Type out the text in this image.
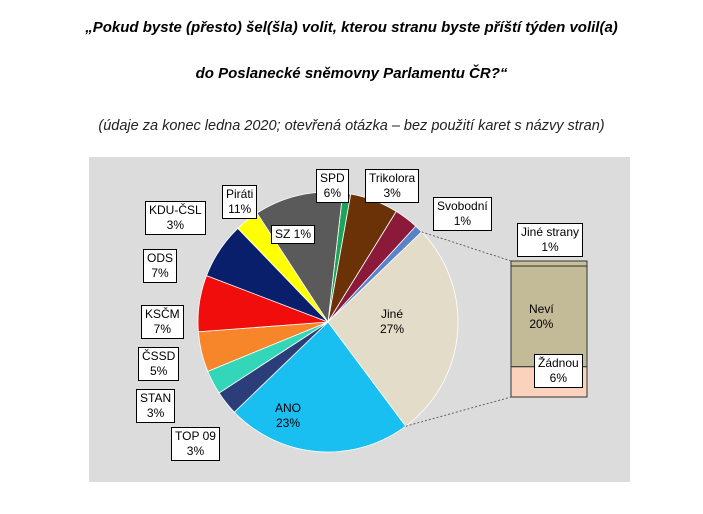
„Pokud byste (přesto) šel(šla) volit, kterou stranu byste příští týden volil(a)
do Poslanecké sněmovny Parlamentu ČR?“
(údaje za konec ledna 2020; otevřená otázka – bez použití karet s názvy stran)
SZ 1%
SPD
6%
Trikolora
3%
Svobodní
1%
Jiné
27%
ANO
23%
TOP 09
3%
STAN
3%
ČSSD
5%
KSČM
7%
ODS
7%
KDU-ČSL
3%
Piráti
11%
Jiné strany
1%
Neví
20%
Žádnou
6%
